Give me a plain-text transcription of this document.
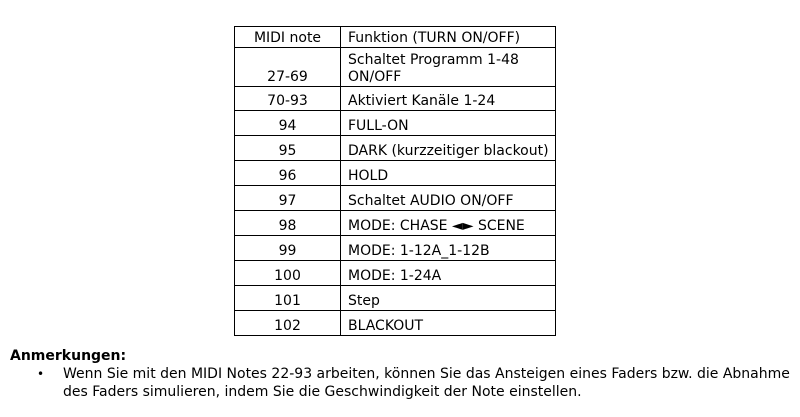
MIDI note	Funktion (TURN ON/OFF)
27-69	Schaltet Programm 1-48 ON/OFF
70-93	Aktiviert Kanäle 1-24
94	FULL-ON
95	DARK (kurzzeitiger blackout)
96	HOLD
97	Schaltet AUDIO ON/OFF
98	MODE: CHASE ◄► SCENE
99	MODE: 1-12A_1-12B
100	MODE: 1-24A
101	Step
102	BLACKOUT
Anmerkungen:
• Wenn Sie mit den MIDI Notes 22-93 arbeiten, können Sie das Ansteigen eines Faders bzw. die Abnahme des Faders simulieren, indem Sie die Geschwindigkeit der Note einstellen.
